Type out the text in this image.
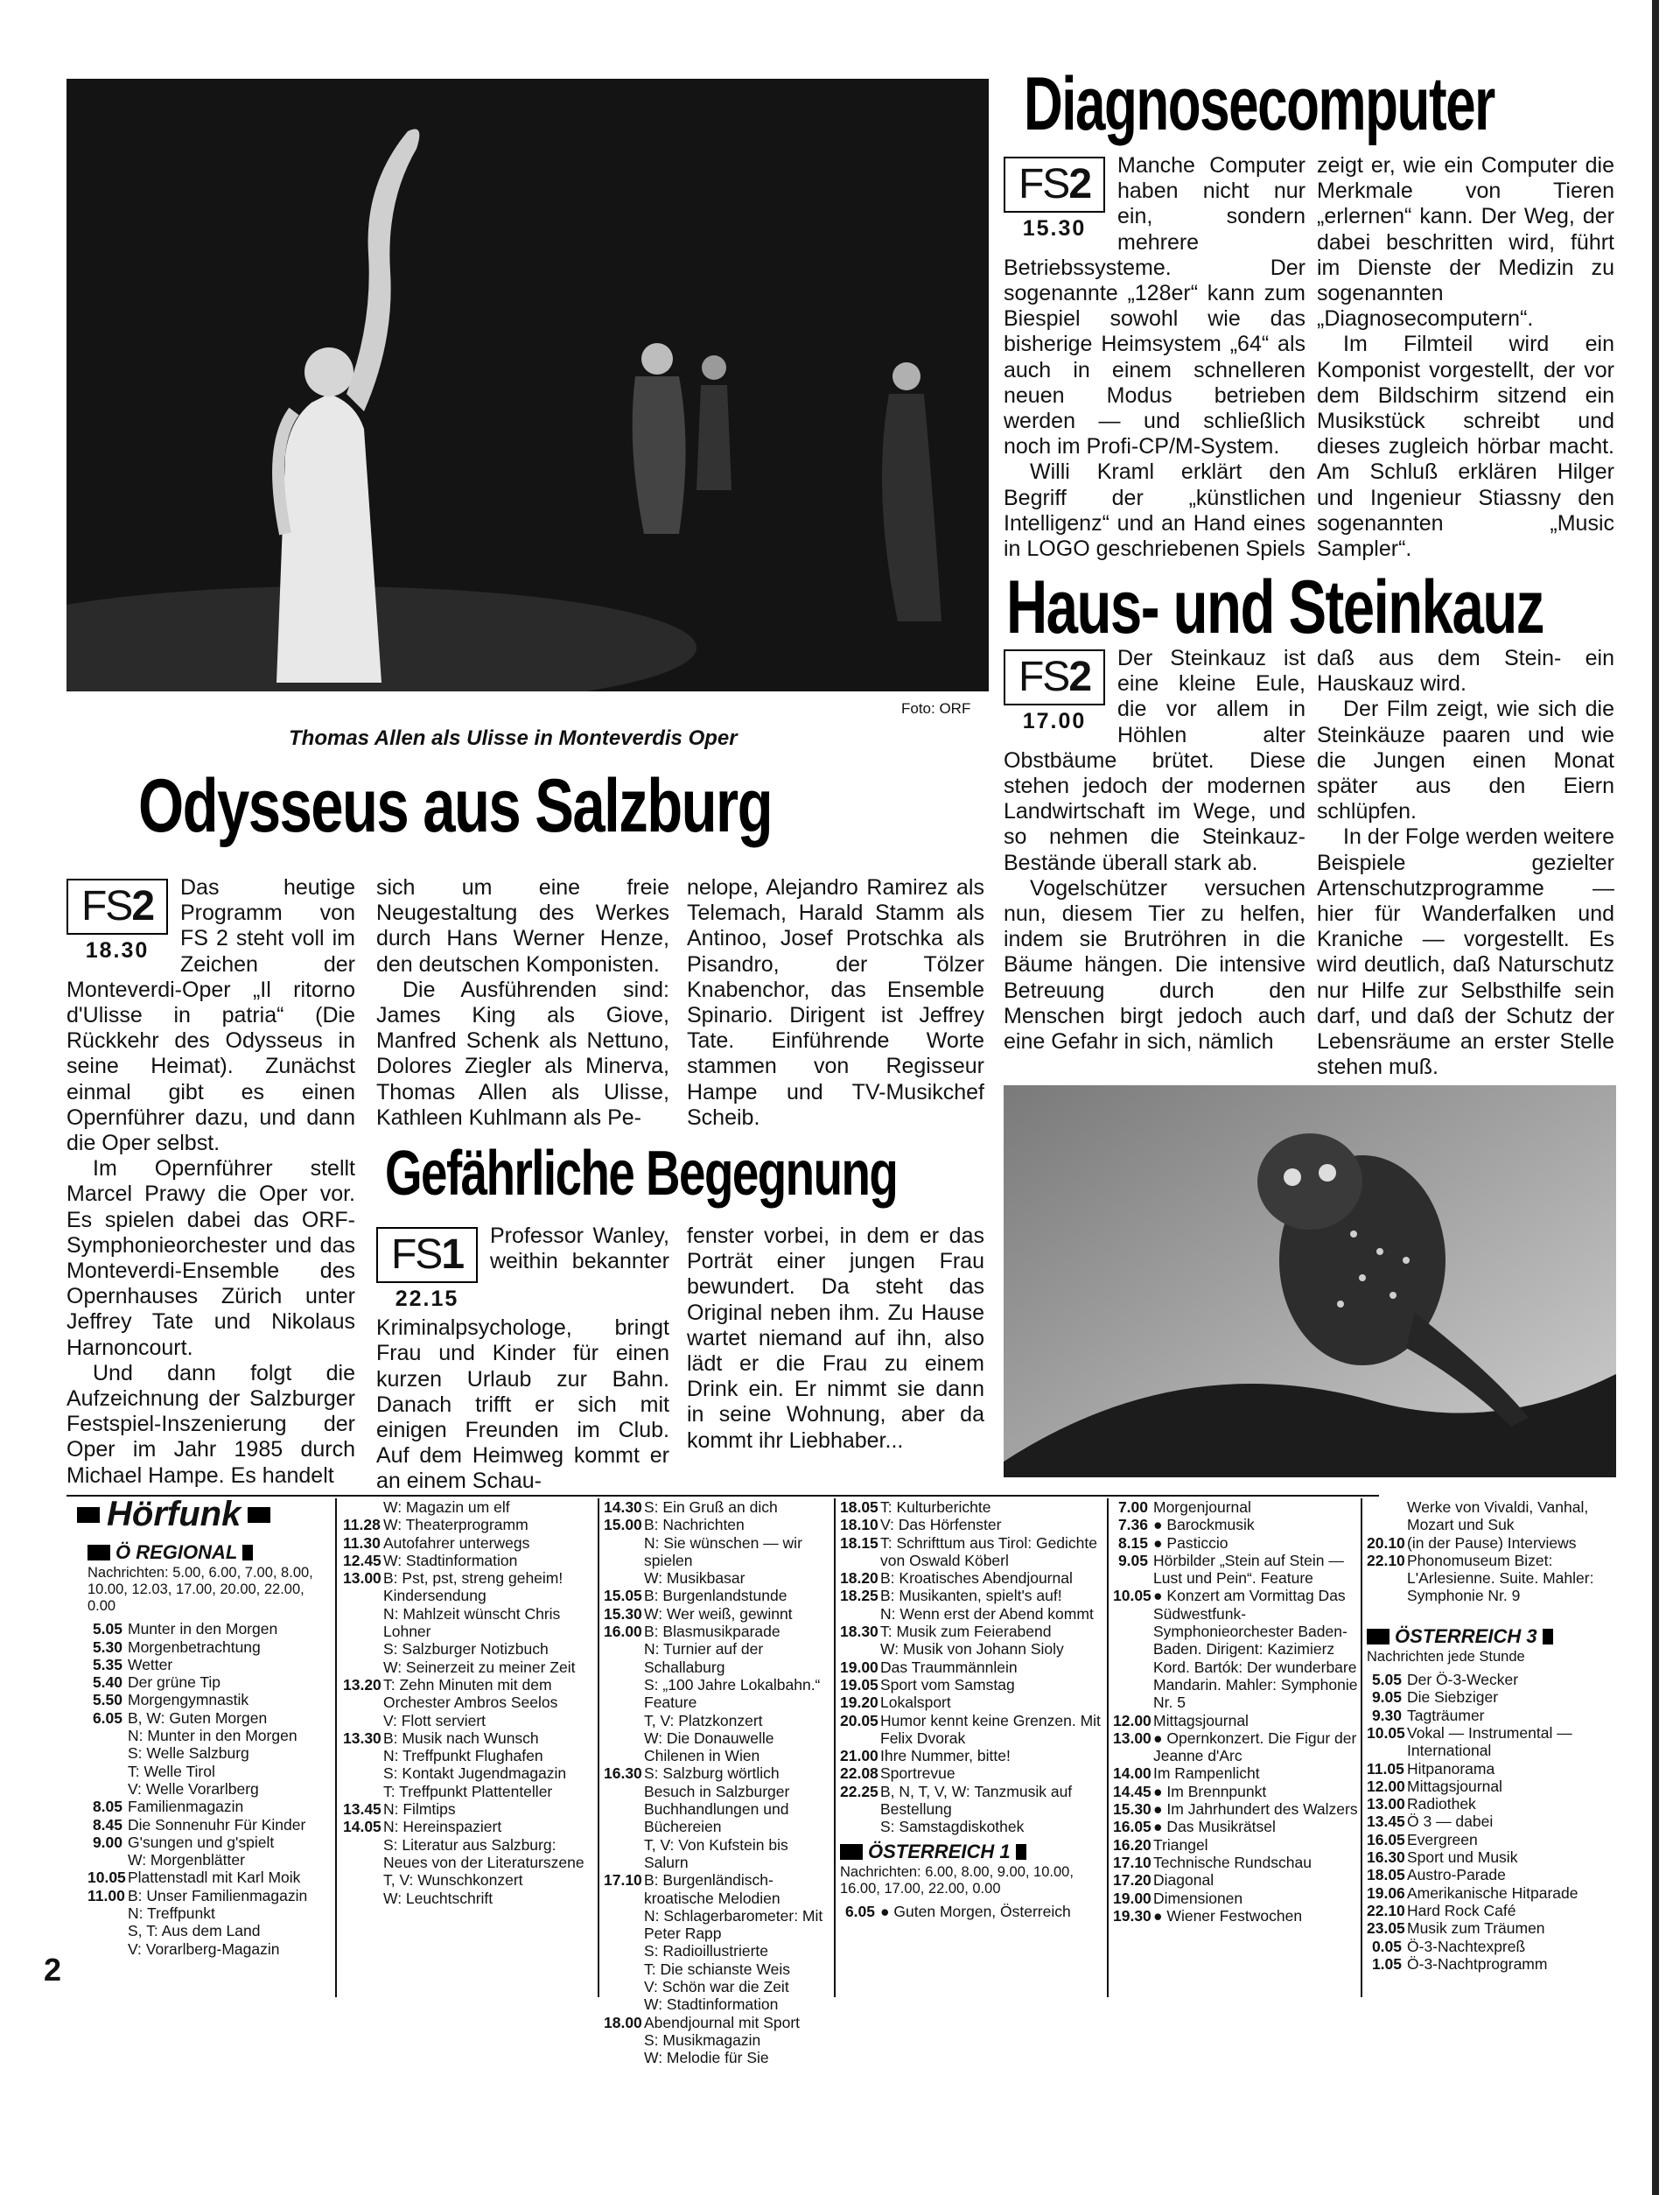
Thomas Allen als Ulisse in Monteverdis Oper
Foto: ORF
Odysseus aus Salzburg
FS2
18.30

Das heutige Programm von FS 2 steht voll im Zeichen der Monteverdi-Oper „Il ritorno d'Ulisse in patria“ (Die Rückkehr des Odysseus in seine Heimat). Zunächst einmal gibt es einen Opernführer dazu, und dann die Oper selbst.

Im Opernführer stellt Marcel Prawy die Oper vor. Es spielen dabei das ORF-Symphonieorchester und das Monteverdi-Ensemble des Opernhauses Zürich unter Jeffrey Tate und Nikolaus Harnoncourt.

Und dann folgt die Aufzeichnung der Salzburger Festspiel-Inszenierung der Oper im Jahr 1985 durch Michael Hampe. Es handelt

sich um eine freie Neugestaltung des Werkes durch Hans Werner Henze, den deutschen Komponisten.

Die Ausführenden sind: James King als Giove, Manfred Schenk als Nettuno, Dolores Ziegler als Minerva, Thomas Allen als Ulisse, Kathleen Kuhlmann als Pe-

nelope, Alejandro Ramirez als Telemach, Harald Stamm als Antinoo, Josef Protschka als Pisandro, der Tölzer Knabenchor, das Ensemble Spinario. Dirigent ist Jeffrey Tate. Einführende Worte stammen von Regisseur Hampe und TV-Musikchef Scheib.

Gefährliche Begegnung
FS1
22.15

Professor Wanley, weithin bekannter Kriminalpsychologe, bringt Frau und Kinder für einen kurzen Urlaub zur Bahn. Danach trifft er sich mit einigen Freunden im Club. Auf dem Heimweg kommt er an einem Schau-

fenster vorbei, in dem er das Porträt einer jungen Frau bewundert. Da steht das Original neben ihm. Zu Hause wartet niemand auf ihn, also lädt er die Frau zu einem Drink ein. Er nimmt sie dann in seine Wohnung, aber da kommt ihr Liebhaber...

Diagnosecomputer
FS2
15.30

Manche Computer haben nicht nur ein, sondern mehrere Betriebssysteme. Der sogenannte „128er“ kann zum Biespiel sowohl wie das bisherige Heimsystem „64“ als auch in einem schnelleren neuen Modus betrieben werden — und schließlich noch im Profi-CP/M-System.

Willi Kraml erklärt den Begriff der „künstlichen Intelligenz“ und an Hand eines in LOGO geschriebenen Spiels

zeigt er, wie ein Computer die Merkmale von Tieren „erlernen“ kann. Der Weg, der dabei beschritten wird, führt im Dienste der Medizin zu sogenannten „Diagnosecomputern“.

Im Filmteil wird ein Komponist vorgestellt, der vor dem Bildschirm sitzend ein Musikstück schreibt und dieses zugleich hörbar macht. Am Schluß erklären Hilger und Ingenieur Stiassny den sogenannten „Music Sampler“.

Haus- und Steinkauz
FS2
17.00

Der Steinkauz ist eine kleine Eule, die vor allem in Höhlen alter Obstbäume brütet. Diese stehen jedoch der modernen Landwirtschaft im Wege, und so nehmen die Steinkauz-Bestände überall stark ab.

Vogelschützer versuchen nun, diesem Tier zu helfen, indem sie Brutröhren in die Bäume hängen. Die intensive Betreuung durch den Menschen birgt jedoch auch eine Gefahr in sich, nämlich

daß aus dem Stein- ein Hauskauz wird.

Der Film zeigt, wie sich die Steinkäuze paaren und wie die Jungen einen Monat später aus den Eiern schlüpfen.

In der Folge werden weitere Beispiele gezielter Artenschutzprogramme — hier für Wanderfalken und Kraniche — vorgestellt. Es wird deutlich, daß Naturschutz nur Hilfe zur Selbsthilfe sein darf, und daß der Schutz der Lebensräume an erster Stelle stehen muß.

Hörfunk
Ö REGIONAL
Nachrichten: 5.00, 6.00, 7.00, 8.00, 10.00, 12.03, 17.00, 20.00, 22.00, 0.00
5.05 Munter in den Morgen
5.30 Morgenbetrachtung
5.35 Wetter
5.40 Der grüne Tip
5.50 Morgengymnastik
6.05 B, W: Guten Morgen
N: Munter in den Morgen
S: Welle Salzburg
T: Welle Tirol
V: Welle Vorarlberg
8.05 Familienmagazin
8.45 Die Sonnenuhr Für Kinder
9.00 G'sungen und g'spielt
W: Morgenblätter
10.05 Plattenstadl mit Karl Moik
11.00 B: Unser Familienmagazin
N: Treffpunkt
S, T: Aus dem Land
V: Vorarlberg-Magazin
W: Magazin um elf
11.28 W: Theaterprogramm
11.30 Autofahrer unterwegs
12.45 W: Stadtinformation
13.00 B: Pst, pst, streng geheim! Kindersendung
N: Mahlzeit wünscht Chris Lohner
S: Salzburger Notizbuch
W: Seinerzeit zu meiner Zeit
13.20 T: Zehn Minuten mit dem Orchester Ambros Seelos
V: Flott serviert
13.30 B: Musik nach Wunsch
N: Treffpunkt Flughafen
S: Kontakt Jugendmagazin
T: Treffpunkt Plattenteller
13.45 N: Filmtips
14.05 N: Hereinspaziert
S: Literatur aus Salzburg: Neues von der Literaturszene
T, V: Wunschkonzert
W: Leuchtschrift
14.30 S: Ein Gruß an dich
15.00 B: Nachrichten
N: Sie wünschen — wir spielen
W: Musikbasar
15.05 B: Burgenlandstunde
15.30 W: Wer weiß, gewinnt
16.00 B: Blasmusikparade
N: Turnier auf der Schallaburg
S: „100 Jahre Lokalbahn.“ Feature
T, V: Platzkonzert
W: Die Donauwelle Chilenen in Wien
16.30 S: Salzburg wörtlich Besuch in Salzburger Buchhandlungen und Büchereien
T, V: Von Kufstein bis Salurn
17.10 B: Burgenländisch-kroatische Melodien
N: Schlagerbarometer: Mit Peter Rapp
S: Radioillustrierte
T: Die schianste Weis
V: Schön war die Zeit
W: Stadtinformation
18.00 Abendjournal mit Sport
S: Musikmagazin
W: Melodie für Sie
18.05 T: Kulturberichte
18.10 V: Das Hörfenster
18.15 T: Schrifttum aus Tirol: Gedichte von Oswald Köberl
18.20 B: Kroatisches Abendjournal
18.25 B: Musikanten, spielt's auf!
N: Wenn erst der Abend kommt
18.30 T: Musik zum Feierabend
W: Musik von Johann Sioly
19.00 Das Traummännlein
19.05 Sport vom Samstag
19.20 Lokalsport
20.05 Humor kennt keine Grenzen. Mit Felix Dvorak
21.00 Ihre Nummer, bitte!
22.08 Sportrevue
22.25 B, N, T, V, W: Tanzmusik auf Bestellung
S: Samstagdiskothek
ÖSTERREICH 1
Nachrichten: 6.00, 8.00, 9.00, 10.00, 16.00, 17.00, 22.00, 0.00
6.05 ● Guten Morgen, Österreich
7.00 Morgenjournal
7.36 ● Barockmusik
8.15 ● Pasticcio
9.05 Hörbilder „Stein auf Stein — Lust und Pein“. Feature
10.05 ● Konzert am Vormittag Das Südwestfunk-Symphonieorchester Baden-Baden. Dirigent: Kazimierz Kord. Bartók: Der wunderbare Mandarin. Mahler: Symphonie Nr. 5
12.00 Mittagsjournal
13.00 ● Opernkonzert. Die Figur der Jeanne d'Arc
14.00 Im Rampenlicht
14.45 ● Im Brennpunkt
15.30 ● Im Jahrhundert des Walzers
16.05 ● Das Musikrätsel
16.20 Triangel
17.10 Technische Rundschau
17.20 Diagonal
19.00 Dimensionen
19.30 ● Wiener Festwochen
Werke von Vivaldi, Vanhal, Mozart und Suk
20.10 (in der Pause) Interviews
22.10 Phonomuseum Bizet: L'Arlesienne. Suite. Mahler: Symphonie Nr. 9
ÖSTERREICH 3
Nachrichten jede Stunde
5.05 Der Ö-3-Wecker
9.05 Die Siebziger
9.30 Tagträumer
10.05 Vokal — Instrumental — International
11.05 Hitpanorama
12.00 Mittagsjournal
13.00 Radiothek
13.45 Ö 3 — dabei
16.05 Evergreen
16.30 Sport und Musik
18.05 Austro-Parade
19.06 Amerikanische Hitparade
22.10 Hard Rock Café
23.05 Musik zum Träumen
0.05 Ö-3-Nachtexpreß
1.05 Ö-3-Nachtprogramm
2
